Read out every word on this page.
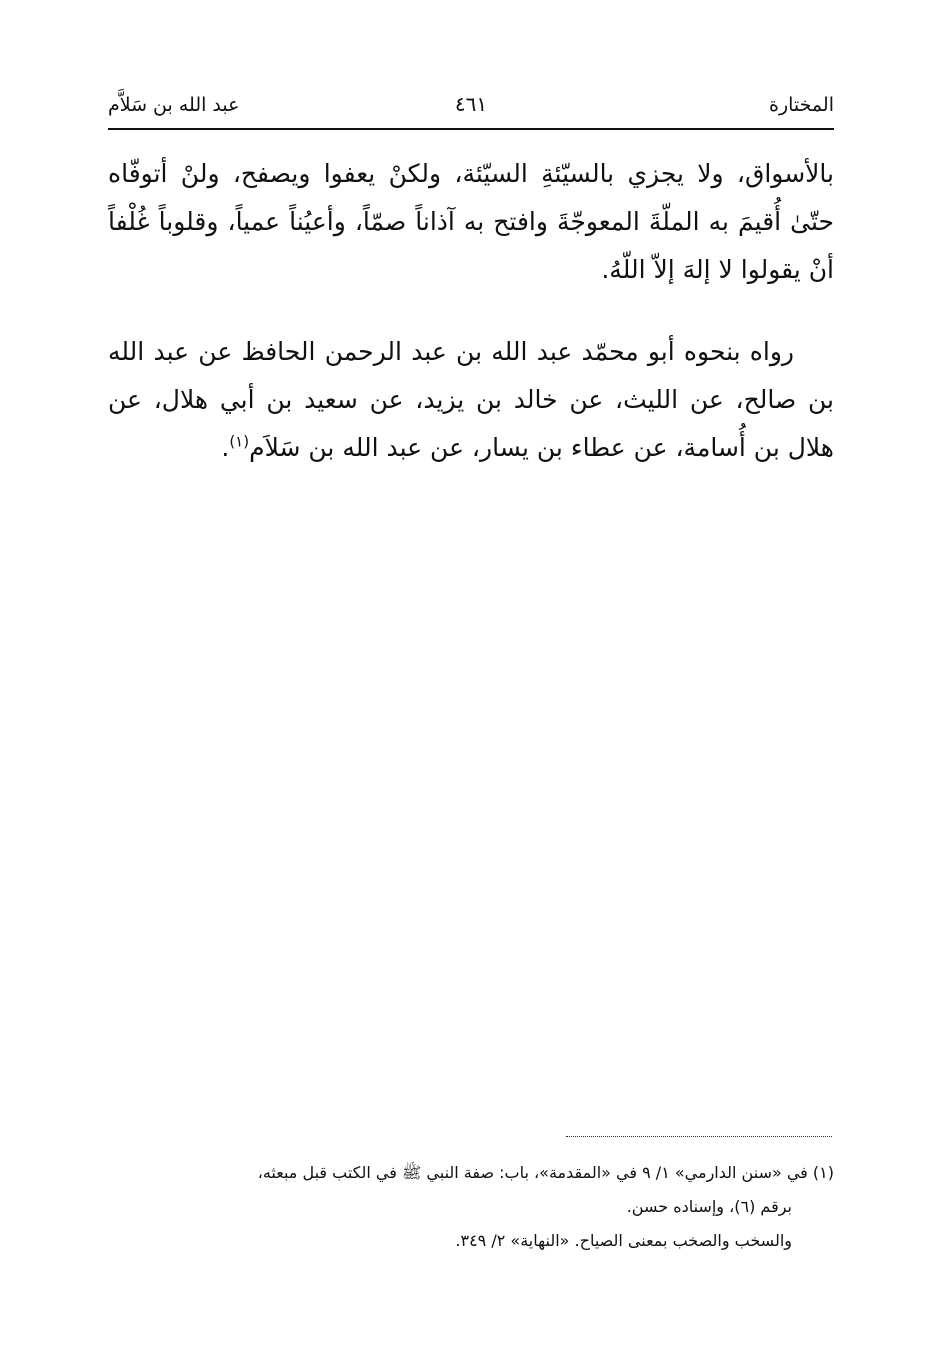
المختارة
٤٦١
عبد الله بن سَلاَّم

بالأسواق، ولا يجزي بالسيّئةِ السيّئة، ولكنْ يعفوا ويصفح، ولنْ أتوفّاه حتّىٰ أُقيمَ به الملّةَ المعوجّةَ وافتح به آذاناً صمّاً، وأعيُناً عمياً، وقلوباً غُلْفاً أنْ يقولوا لا إلهَ إلاّ اللّهُ.

رواه بنحوه أبو محمّد عبد الله بن عبد الرحمن الحافظ عن عبد الله بن صالح، عن الليث، عن خالد بن يزيد، عن سعيد بن أبي هلال، عن هلال بن أُسامة، عن عطاء بن يسار، عن عبد الله بن سَلاَم$^{(١)}$.

(١) في «سنن الدارمي» ١/ ٩ في «المقدمة»، باب: صفة النبي ﷺ في الكتب قبل مبعثه،
برقم (٦)، وإسناده حسن.
والسخب والصخب بمعنى الصياح. «النهاية» ٢/ ٣٤٩.
